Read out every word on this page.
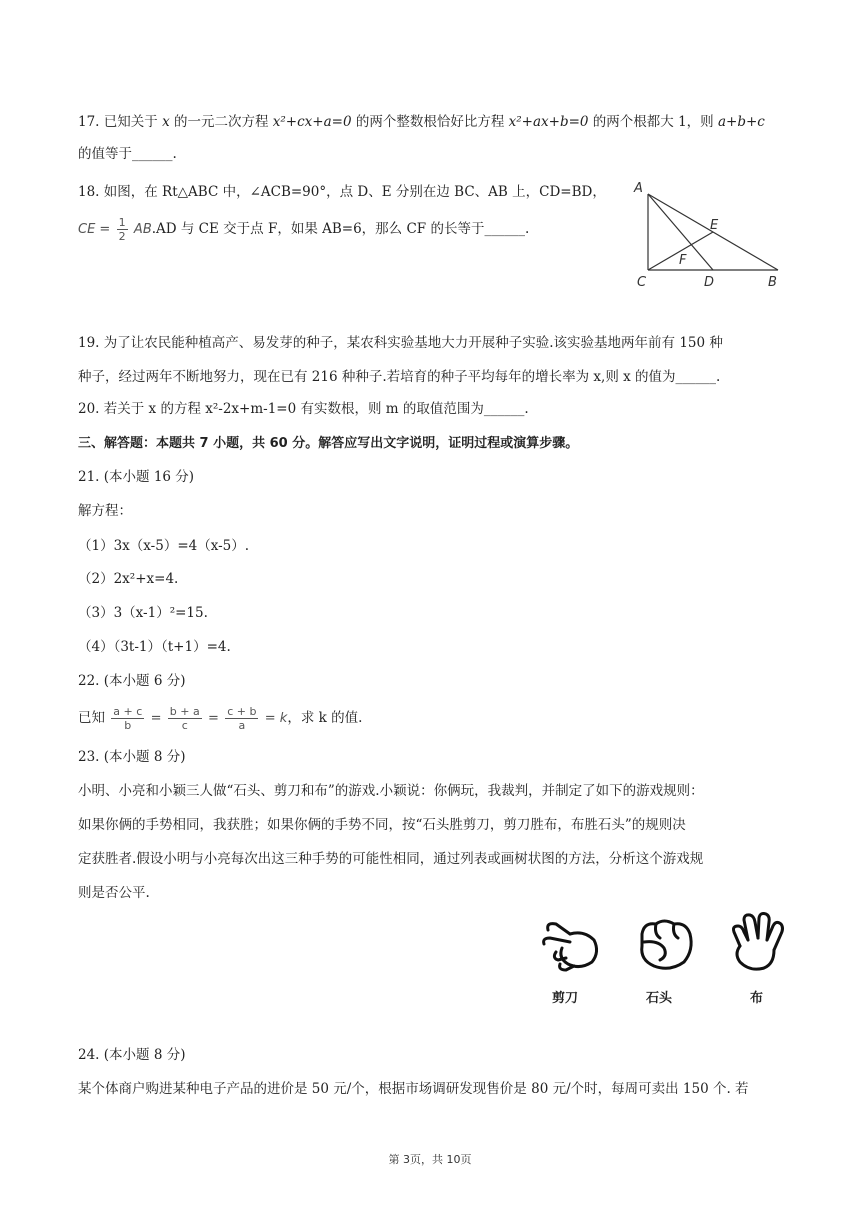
17. 已知关于 x 的一元二次方程 x²+cx+a=0 的两个整数根恰好比方程 x²+ax+b=0 的两个根都大 1，则 a+b+c
的值等于______.
18. 如图，在 Rt△ABC 中，∠ACB=90°，点 D、E 分别在边 BC、AB 上，CD=BD，
CE = $\frac{1}{2} AB.AD$ 与 CE 交于点 F，如果 AB=6，那么 CF 的长等于______.
A
E
F
C	D	B
19. 为了让农民能种植高产、易发芽的种子，某农科实验基地大力开展种子实验.该实验基地两年前有 150 种
种子，经过两年不断地努力，现在已有 216 种种子.若培育的种子平均每年的增长率为 x,则 x 的值为______.
20. 若关于 x 的方程 x²-2x+m-1=0 有实数根，则 m 的取值范围为______.
三、解答题：本题共 7 小题，共 60 分。解答应写出文字说明，证明过程或演算步骤。
21. (本小题 16 分)
解方程：
（1）3x（x-5）=4（x-5）.
（2）2x²+x=4.
（3）3（x-1）²=15.
（4）（3t-1）（t+1）=4.
22. (本小题 6 分)
已知 $\frac{a + c}{b} = \frac{b + a}{c} = \frac{c + b}{a} = k$，求 k 的值.
23. (本小题 8 分)
小明、小亮和小颖三人做“石头、剪刀和布”的游戏.小颖说：你俩玩，我裁判，并制定了如下的游戏规则：
如果你俩的手势相同，我获胜；如果你俩的手势不同，按“石头胜剪刀，剪刀胜布，布胜石头”的规则决
定获胜者.假设小明与小亮每次出这三种手势的可能性相同，通过列表或画树状图的方法，分析这个游戏规
则是否公平.
剪刀	石头	布
24. (本小题 8 分)
某个体商户购进某种电子产品的进价是 50 元/个，根据市场调研发现售价是 80 元/个时，每周可卖出 150 个. 若
第 3页，共 10页
